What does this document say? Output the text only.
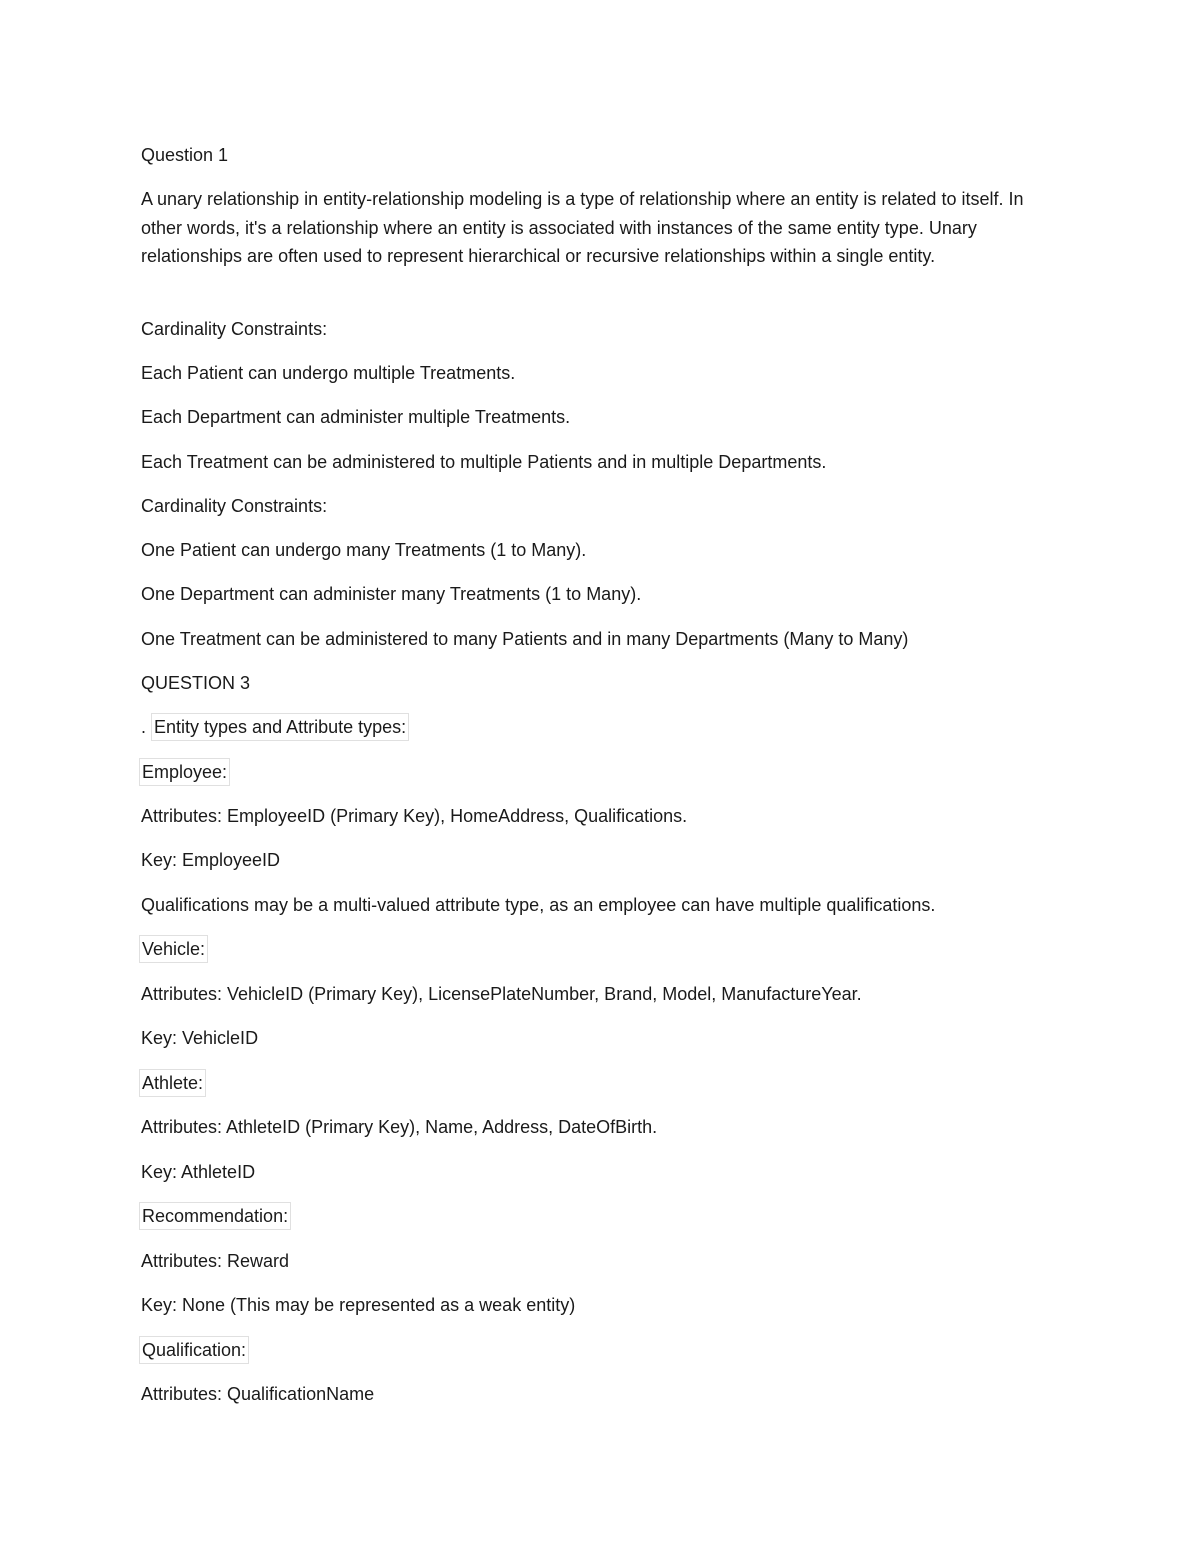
Question 1

A unary relationship in entity-relationship modeling is a type of relationship where an entity is related to itself. In other words, it's a relationship where an entity is associated with instances of the same entity type. Unary relationships are often used to represent hierarchical or recursive relationships within a single entity.

Cardinality Constraints:

Each Patient can undergo multiple Treatments.

Each Department can administer multiple Treatments.

Each Treatment can be administered to multiple Patients and in multiple Departments.

Cardinality Constraints:

One Patient can undergo many Treatments (1 to Many).

One Department can administer many Treatments (1 to Many).

One Treatment can be administered to many Patients and in many Departments (Many to Many)

QUESTION 3

. Entity types and Attribute types:

Employee:

Attributes: EmployeeID (Primary Key), HomeAddress, Qualifications.

Key: EmployeeID

Qualifications may be a multi-valued attribute type, as an employee can have multiple qualifications.

Vehicle:

Attributes: VehicleID (Primary Key), LicensePlateNumber, Brand, Model, ManufactureYear.

Key: VehicleID

Athlete:

Attributes: AthleteID (Primary Key), Name, Address, DateOfBirth.

Key: AthleteID

Recommendation:

Attributes: Reward

Key: None (This may be represented as a weak entity)

Qualification:

Attributes: QualificationName
